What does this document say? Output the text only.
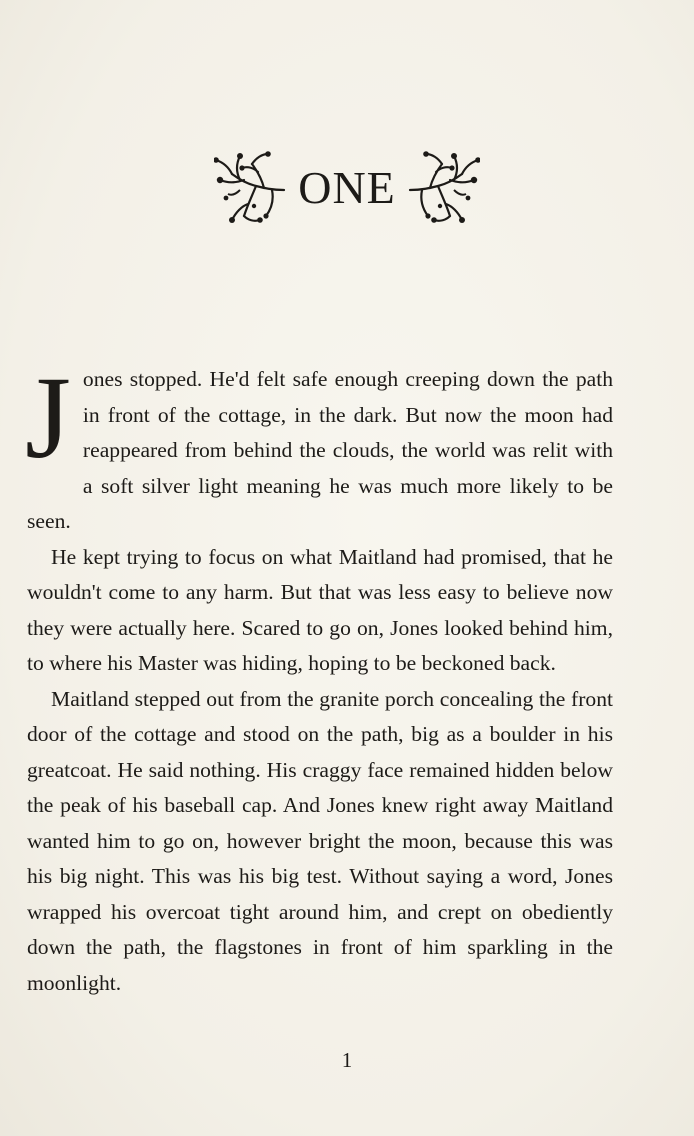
ONE

Jones stopped. He'd felt safe enough creeping down the path in front of the cottage, in the dark. But now the moon had reappeared from behind the clouds, the world was relit with a soft silver light meaning he was much more likely to be seen.

He kept trying to focus on what Maitland had promised, that he wouldn't come to any harm. But that was less easy to believe now they were actually here. Scared to go on, Jones looked behind him, to where his Master was hiding, hoping to be beckoned back.

Maitland stepped out from the granite porch concealing the front door of the cottage and stood on the path, big as a boulder in his greatcoat. He said nothing. His craggy face remained hidden below the peak of his baseball cap. And Jones knew right away Maitland wanted him to go on, however bright the moon, because this was his big night. This was his big test. Without saying a word, Jones wrapped his overcoat tight around him, and crept on obediently down the path, the flagstones in front of him sparkling in the moonlight.

1
